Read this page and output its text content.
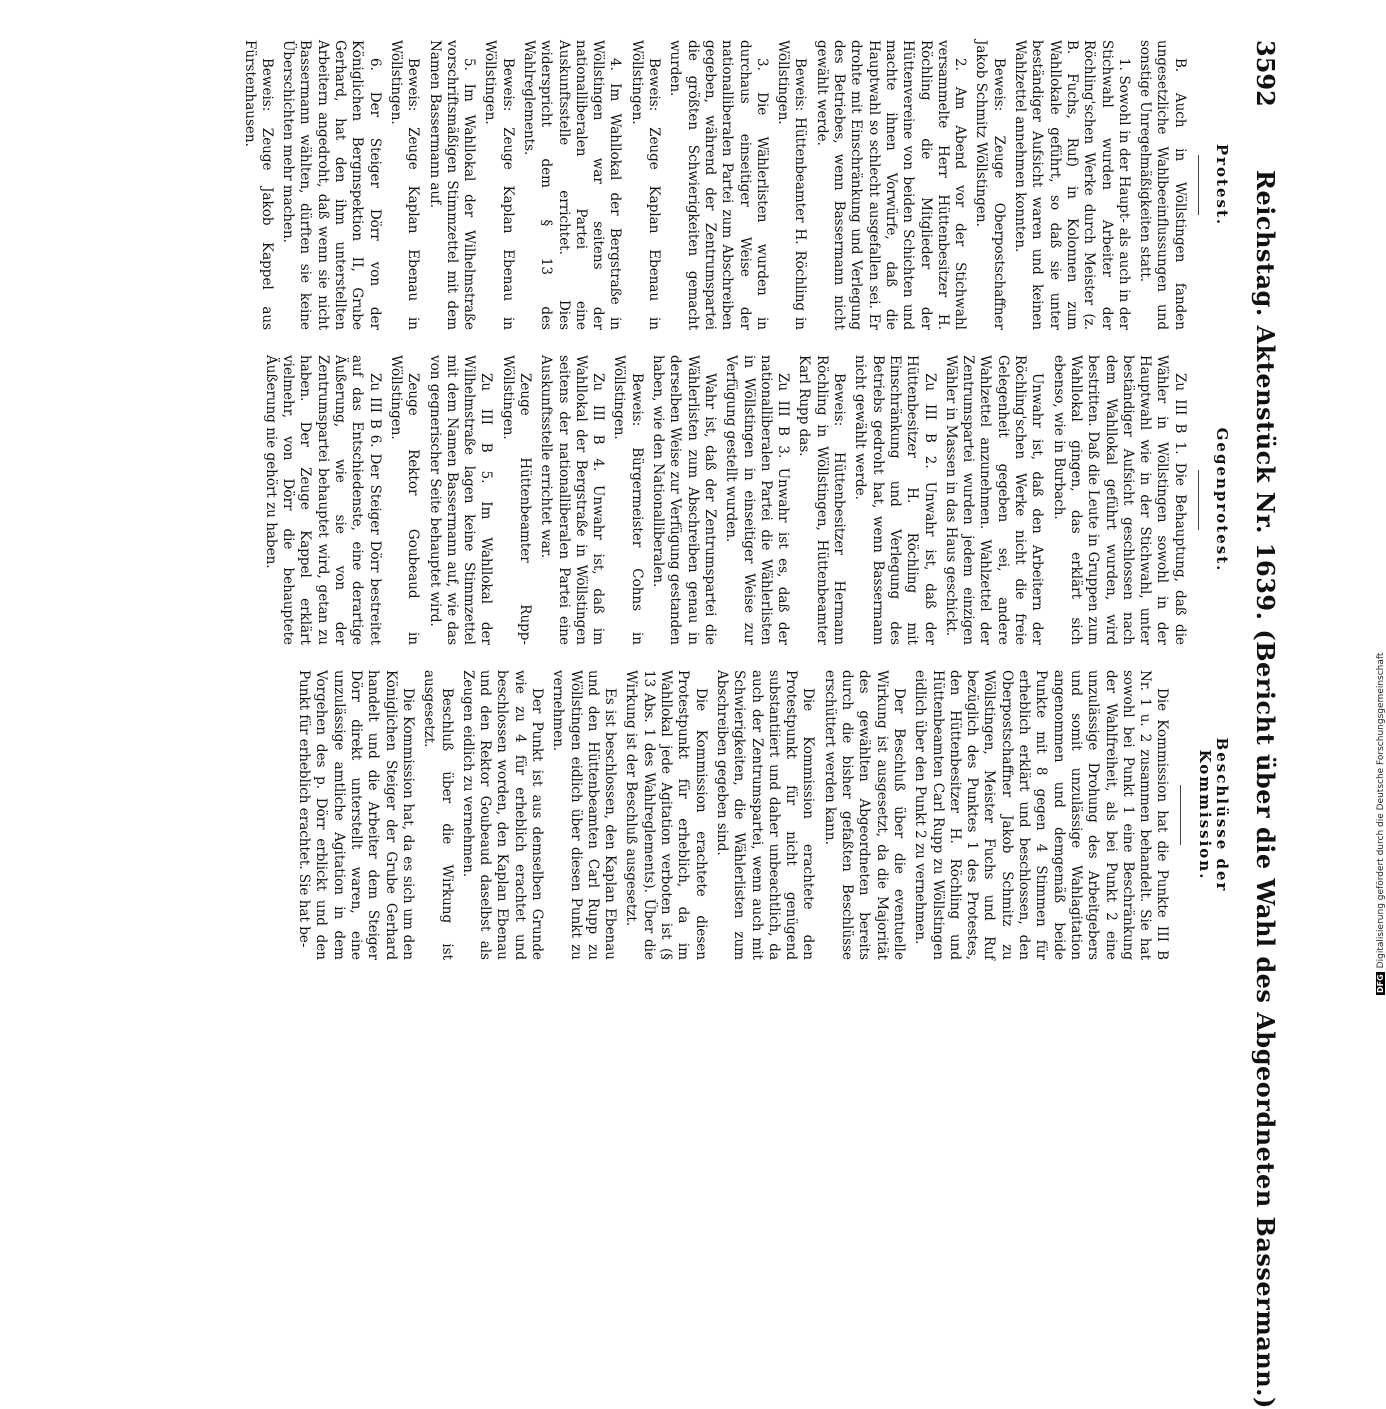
3592
Reichstag. Aktenstück Nr. 1639. (Bericht über die Wahl des Abgeordneten Bassermann.)
Protest.

B. Auch in Wöllstingen fanden ungesetzliche Wahlbeeinflussungen und sonstige Unregelmäßigkeiten statt.

1. Sowohl in der Haupt- als auch in der Stichwahl wurden Arbeiter der Röchling'schen Werke durch Meister (z. B. Fuchs, Ruf) in Kolonnen zum Wahllokale geführt, so daß sie unter beständiger Aufsicht waren und keinen Wahlzettel annehmen konnten.

Beweis: Zeuge Oberpostschaffner Jakob Schmitz Wöllstingen.

2. Am Abend vor der Stichwahl versammelte Herr Hüttenbesitzer H. Röchling die Mitglieder der Hüttenvereine von beiden Schichten und machte ihnen Vorwürfe, daß die Hauptwahl so schlecht ausgefallen sei. Er drohte mit Einschränkung und Verlegung des Betriebes, wenn Bassermann nicht gewählt werde.

Beweis: Hüttenbeamter H. Röchling in Wöllstingen.

3. Die Wählerlisten wurden in durchaus einseitiger Weise der nationalliberalen Partei zum Abschreiben gegeben, während der Zentrumspartei die größten Schwierigkeiten gemacht wurden.

Beweis: Zeuge Kaplan Ebenau in Wöllstingen.

4. Im Wahllokal der Bergstraße in Wöllstingen war seitens der nationalliberalen Partei eine Auskunftsstelle errichtet. Dies widerspricht dem § 13 des Wahlreglements.

Beweis: Zeuge Kaplan Ebenau in Wöllstingen.

5. Im Wahllokal der Wilhelmstraße vorschriftsmäßigen Stimmzettel mit dem Namen Bassermann auf.

Beweis: Zeuge Kaplan Ebenau in Wöllstingen.

6. Der Steiger Dörr von der Königlichen Bergınspektion II, Grube Gerhard, hat den ihm unterstellten Arbeitern angedroht, daß wenn sie nicht Bassermann wählten, dürften sie keine Überschichten mehr machen.

Beweis: Zeuge Jakob Kappel aus Fürstenhausen.

Gegenprotest.

Zu III B 1. Die Behauptung, daß die Wähler in Wöllstingen sowohl in der Hauptwahl wie in der Stichwahl, unter beständiger Aufsicht geschlossen nach dem Wahllokal geführt wurden, wird bestritten. Daß die Leute in Gruppen zum Wahllokal gingen, das erklärt sich ebenso, wie in Burbach.

Unwahr ist, daß den Arbeitern der Röchling'schen Werke nicht die freie Gelegenheit gegeben sei, andere Wahlzettel anzunehmen. Wahlzettel der Zentrumspartei wurden jedem einzigen Wähler in Massen in das Haus geschickt.

Zu III B 2. Unwahr ist, daß der Hüttenbesitzer H. Röchling mit Einschränkung und Verlegung des Betriebs gedroht hat, wenn Bassermann nicht gewählt werde.

Beweis: Hüttenbesitzer Hermann Röchling in Wöllstingen, Hüttenbeamter Karl Rupp das.

Zu III B 3. Unwahr ist es, daß der nationalliberalen Partei die Wählerlisten in Wöllstingen in einseitiger Weise zur Verfügung gestellt wurden.

Wahr ist, daß der Zentrumspartei die Wählerlisten zum Abschreiben genau in derselben Weise zur Verfügung gestanden haben, wie den Nationalliberalen.

Beweis: Bürgermeister Cohns in Wöllstingen.

Zu III B 4. Unwahr ist, daß im Wahllokal der Bergstraße in Wöllstingen seitens der nationalliberalen Partei eine Auskunftsstelle errichtet war.

Zeuge Hüttenbeamter Rupp-Wöllstingen.

Zu III B 5. Im Wahllokal der Wilhelmstraße lagen keine Stimmzettel mit dem Namen Bassermann auf, wie das von gegnerischer Seite behauptet wird.

Zeuge Rektor Goubeaud in Wöllstingen.

Zu III B 6. Der Steiger Dörr bestreitet auf das Entschiedenste, eine derartige Äußerung, wie sie von der Zentrumspartei behauptet wird, getan zu haben. Der Zeuge Kappel erklärt vielmehr, von Dörr die behauptete Äußerung nie gehört zu haben.

Beschlüsse der Kommission.

Die Kommission hat die Punkte III B Nr. 1 u. 2 zusammen behandelt. Sie hat sowohl bei Punkt 1 eine Beschränkung der Wahlfreiheit, als bei Punkt 2 eine unzulässige Drohung des Arbeitgebers und somit unzulässige Wahlagitation angenommen und demgemäß beide Punkte mit 8 gegen 4 Stimmen für erheblich erklärt und beschlossen, den Oberpostschaffner Jakob Schmitz zu Wöllstingen, Meister Fuchs und Ruf bezüglich des Punktes 1 des Protestes, den Hüttenbesitzer H. Röchling und Hüttenbeamten Carl Rupp zu Wöllstingen eidlich über den Punkt 2 zu vernehmen.

Der Beschluß über die eventuelle Wirkung ist ausgesetzt, da die Majorität des gewählten Abgeordneten bereits durch die bisher gefaßten Beschlüsse erschüttert werden kann.

Die Kommission erachtete den Protestpunkt für nicht genügend substantiiert und daher unbeachtlich, da auch der Zentrumspartei, wenn auch mit Schwierigkeiten, die Wählerlisten zum Abschreiben gegeben sind.

Die Kommission erachtete diesen Protestpunkt für erheblich, da im Wahllokal jede Agitation verboten ist (§ 13 Abs. 1 des Wahlreglements). Über die Wirkung ist der Beschluß ausgesetzt.

Es ist beschlossen, den Kaplan Ebenau und den Hüttenbeamten Carl Rupp zu Wöllstingen eidlich über diesen Punkt zu vernehmen.

Der Punkt ist aus demselben Grunde wie zu 4 für erheblich erachtet und beschlossen worden, den Kaplan Ebenau und den Rektor Goubeaud daselbst als Zeugen eidlich zu vernehmen.

Beschluß über die Wirkung ist ausgesetzt.

Die Kommission hat, da es sich um den Königlichen Steiger der Grube Gerhard handelt und die Arbeiter dem Steiger Dörr direkt unterstellt waren, eine unzulässige amtliche Agitation in dem Vorgehen des p. Dörr erblickt und den Punkt für erheblich erachtet. Sie hat be-

DFGDigitalisierung gefördert durch die Deutsche Forschungsgemeinschaft
